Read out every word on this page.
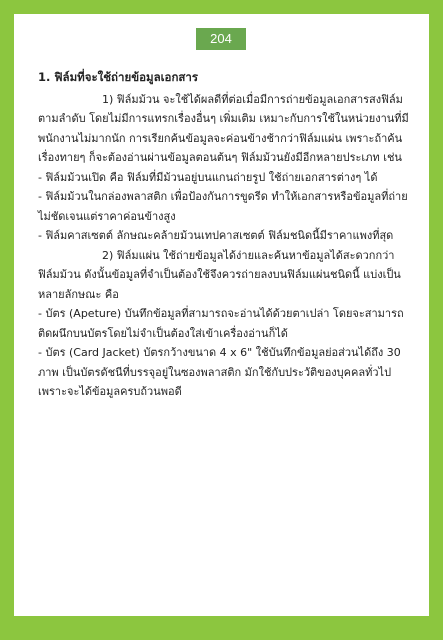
204

1. ฟิล์มที่จะใช้ถ่ายข้อมูลเอกสาร

1) ฟิล์มม้วน จะใช้ได้ผลดีที่ต่อเมื่อมีการถ่ายข้อมูลเอกสารสงฟิล์มตามลำดับ โดยไม่มีการแทรกเรื่องอื่นๆ เพิ่มเติม เหมาะกับการใช้ในหน่วยงานที่มีพนักงานไม่มากนัก การเรียกค้นข้อมูลจะค่อนข้างช้ากว่าฟิล์มแผ่น เพราะถ้าค้นเรื่องทายๆ ก็จะต้องอ่านผ่านข้อมูลตอนต้นๆ ฟิล์มม้วนยังมีอีกหลายประเภท เช่น

- ฟิล์มม้วนเปิด คือ ฟิล์มที่มีม้วนอยู่บนแกนถ่ายรูป ใช้ถ่ายเอกสารต่างๆ ได้

- ฟิล์มม้วนในกล่องพลาสติก เพื่อป้องกันการขูดรีด ทำให้เอกสารหรือข้อมูลที่ถ่ายไม่ชัดเจนแต่ราคาค่อนข้างสูง

- ฟิล์มคาสเซตต์ ลักษณะคล้ายม้วนเทปคาสเซตต์ ฟิล์มชนิดนี้มีราคาแพงที่สุด

2) ฟิล์มแผ่น ใช้ถ่ายข้อมูลได้ง่ายและค้นหาข้อมูลได้สะดวกกว่าฟิล์มม้วน ดังนั้นข้อมูลที่จำเป็นต้องใช้จึงควรถ่ายลงบนฟิล์มแผ่นชนิดนี้ แบ่งเป็นหลายลักษณะ คือ

- บัตร (Apeture) บันทึกข้อมูลที่สามารถจะอ่านได้ด้วยตาเปล่า โดยจะสามารถติดผนึกบนบัตรโดยไม่จำเป็นต้องใส่เข้าเครื่องอ่านก็ได้

- บัตร (Card Jacket) บัตรกว้างขนาด 4 x 6" ใช้บันทึกข้อมูลย่อส่วนได้ถึง 30 ภาพ เป็นบัตรดัชนีที่บรรจุอยู่ในซองพลาสติก มักใช้กับประวัติของบุคคลทั่วไป เพราะจะได้ข้อมูลครบถ้วนพอดี
